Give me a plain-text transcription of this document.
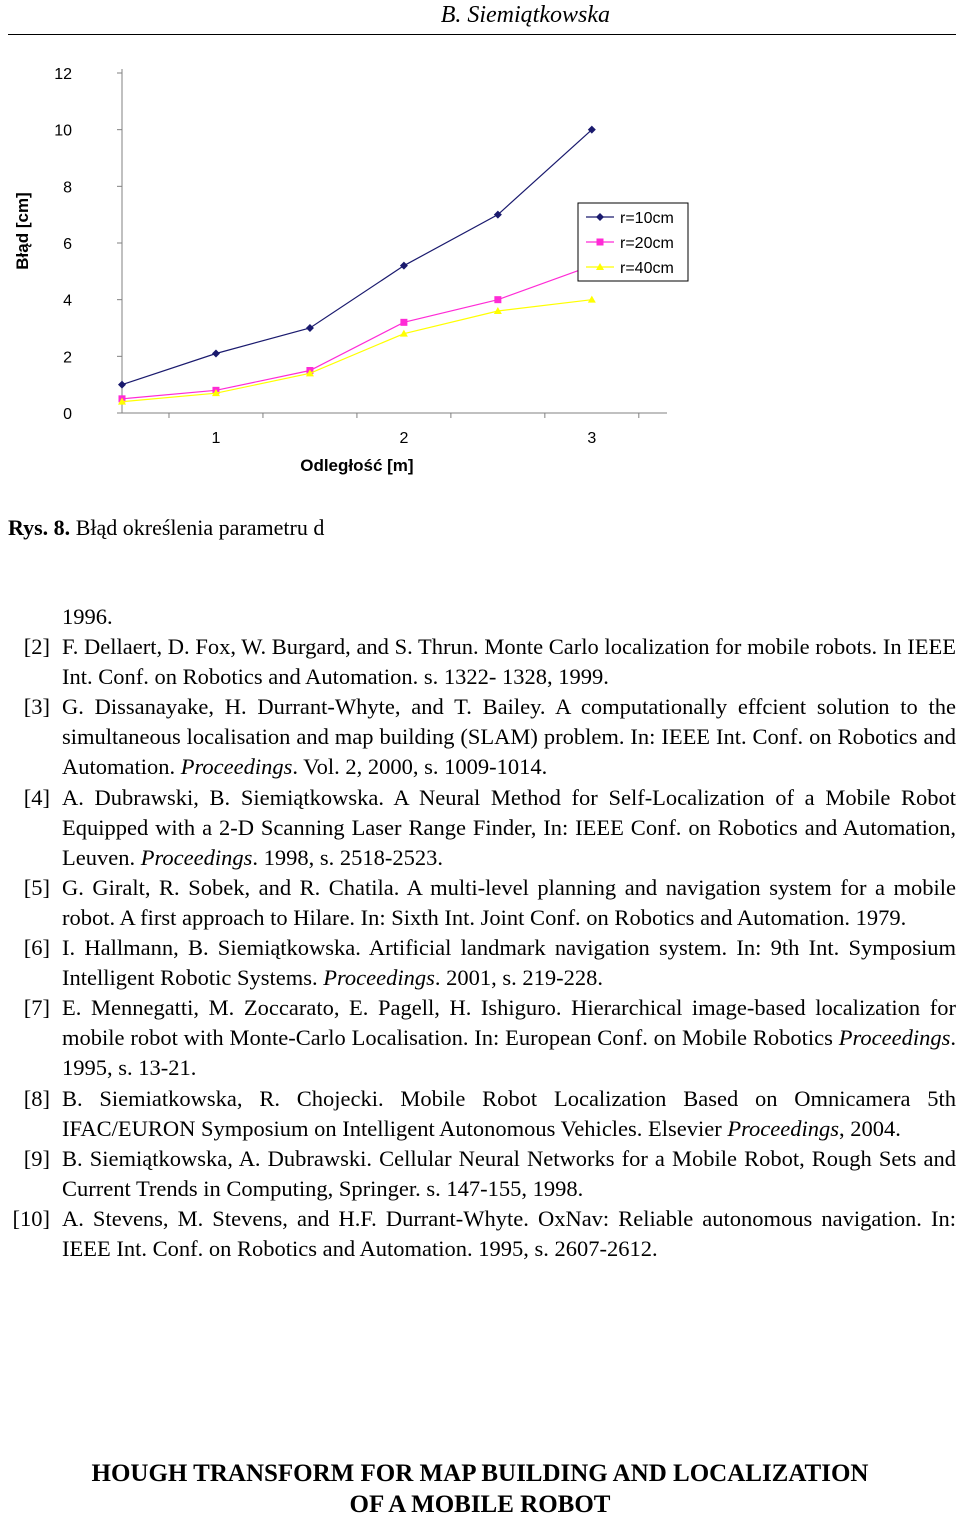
B. Siemiątkowska
0
2
4
6
8
10
12
1	2	3
Odległość [m]
Błąd [cm]	r=10cm
r=20cm
r=40cm
Rys. 8. Błąd określenia parametru d
1996.
[2] F. Dellaert, D. Fox, W. Burgard, and S. Thrun. Monte Carlo localization for mobile robots. In IEEE Int. Conf. on Robotics and Automation. s. 1322- 1328, 1999.
[3] G. Dissanayake, H. Durrant-Whyte, and T. Bailey. A computationally effcient solution to the simultaneous localisation and map building (SLAM) problem. In: IEEE Int. Conf. on Robotics and Automation. Proceedings. Vol. 2, 2000, s. 1009-1014.
[4] A. Dubrawski, B. Siemiątkowska. A Neural Method for Self-Localization of a Mobile Robot Equipped with a 2-D Scanning Laser Range Finder, In: IEEE Conf. on Robotics and Automation, Leuven. Proceedings. 1998, s. 2518-2523.
[5] G. Giralt, R. Sobek, and R. Chatila. A multi-level planning and navigation system for a mobile robot. A first approach to Hilare. In: Sixth Int. Joint Conf. on Robotics and Automation. 1979.
[6] I. Hallmann, B. Siemiątkowska. Artificial landmark navigation system. In: 9th Int. Symposium Intelligent Robotic Systems. Proceedings. 2001, s. 219-228.
[7] E. Mennegatti, M. Zoccarato, E. Pagell, H. Ishiguro. Hierarchical image-based localization for mobile robot with Monte-Carlo Localisation. In: European Conf. on Mobile Robotics Proceedings. 1995, s. 13-21.
[8] B. Siemiatkowska, R. Chojecki. Mobile Robot Localization Based on Omnicamera 5th IFAC/EURON Symposium on Intelligent Autonomous Vehicles. Elsevier Proceedings, 2004.
[9] B. Siemiątkowska, A. Dubrawski. Cellular Neural Networks for a Mobile Robot, Rough Sets and Current Trends in Computing, Springer. s. 147-155, 1998.
[10] A. Stevens, M. Stevens, and H.F. Durrant-Whyte. OxNav: Reliable autonomous navigation. In: IEEE Int. Conf. on Robotics and Automation. 1995, s. 2607-2612.
HOUGH TRANSFORM FOR MAP BUILDING AND LOCALIZATION
OF A MOBILE ROBOT
